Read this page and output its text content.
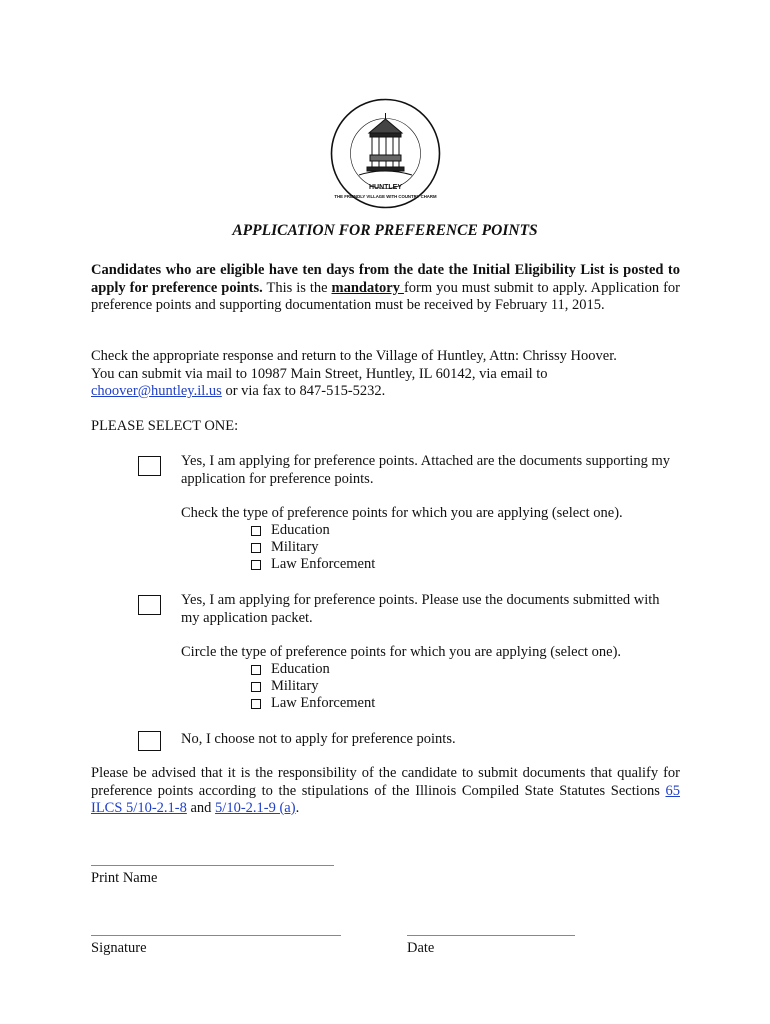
HUNTLEY
THE FRIENDLY VILLAGE WITH COUNTRY CHARM
APPLICATION FOR PREFERENCE POINTS
Candidates who are eligible have ten days from the date the Initial Eligibility List is posted to apply for preference points. This is the mandatory form you must submit to apply. Application for preference points and supporting documentation must be received by February 11, 2015.
Check the appropriate response and return to the Village of Huntley, Attn: Chrissy Hoover.
You can submit via mail to 10987 Main Street, Huntley, IL 60142, via email to
choover@huntley.il.us or via fax to 847-515-5232.
PLEASE SELECT ONE:
Yes, I am applying for preference points. Attached are the documents supporting my application for preference points.
Check the type of preference points for which you are applying (select one).
Education
Military
Law Enforcement
Yes, I am applying for preference points. Please use the documents submitted with my application packet.
Circle the type of preference points for which you are applying (select one).
Education
Military
Law Enforcement
No, I choose not to apply for preference points.
Please be advised that it is the responsibility of the candidate to submit documents that qualify for preference points according to the stipulations of the Illinois Compiled State Statutes Sections 65 ILCS 5/10-2.1-8 and 5/10-2.1-9 (a).
Print Name
Signature	Date
